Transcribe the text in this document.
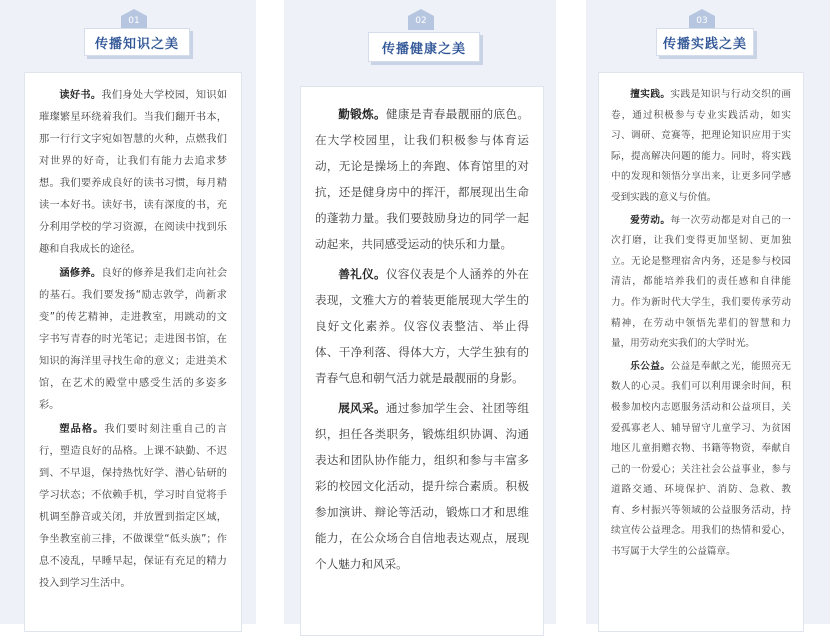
01
传播知识之美

读好书。我们身处大学校园，知识如璀璨繁星环绕着我们。当我们翻开书本，那一行行文字宛如智慧的火种，点燃我们对世界的好奇，让我们有能力去追求梦想。我们要养成良好的读书习惯，每月精读一本好书。读好书，读有深度的书，充分利用学校的学习资源，在阅读中找到乐趣和自我成长的途径。

涵修养。良好的修养是我们走向社会的基石。我们要发扬“励志敦学，尚新求变”的传艺精神，走进教室，用跳动的文字书写青春的时光笔记；走进图书馆，在知识的海洋里寻找生命的意义；走进美术馆，在艺术的殿堂中感受生活的多姿多彩。

塑品格。我们要时刻注重自己的言行，塑造良好的品格。上课不缺勤、不迟到、不早退，保持热忱好学、潜心钻研的学习状态；不依赖手机，学习时自觉将手机调至静音或关闭，并放置到指定区域，争坐教室前三排，不做课堂“低头族”；作息不凌乱，早睡早起，保证有充足的精力投入到学习生活中。

02
传播健康之美

勤锻炼。健康是青春最靓丽的底色。在大学校园里，让我们积极参与体育运动，无论是操场上的奔跑、体育馆里的对抗，还是健身房中的挥汗，都展现出生命的蓬勃力量。我们要鼓励身边的同学一起动起来，共同感受运动的快乐和力量。

善礼仪。仪容仪表是个人涵养的外在表现，文雅大方的着装更能展现大学生的良好文化素养。仪容仪表整洁、举止得体、干净利落、得体大方，大学生独有的青春气息和朝气活力就是最靓丽的身影。

展风采。通过参加学生会、社团等组织，担任各类职务，锻炼组织协调、沟通表达和团队协作能力，组织和参与丰富多彩的校园文化活动，提升综合素质。积极参加演讲、辩论等活动，锻炼口才和思维能力，在公众场合自信地表达观点，展现个人魅力和风采。

03
传播实践之美

擅实践。实践是知识与行动交织的画卷，通过积极参与专业实践活动，如实习、调研、竞赛等，把理论知识应用于实际，提高解决问题的能力。同时，将实践中的发现和领悟分享出来，让更多同学感受到实践的意义与价值。

爱劳动。每一次劳动都是对自己的一次打磨，让我们变得更加坚韧、更加独立。无论是整理宿舍内务，还是参与校园清洁，都能培养我们的责任感和自律能力。作为新时代大学生，我们要传承劳动精神，在劳动中领悟先辈们的智慧和力量，用劳动充实我们的大学时光。

乐公益。公益是奉献之光，能照亮无数人的心灵。我们可以利用课余时间，积极参加校内志愿服务活动和公益项目，关爱孤寡老人、辅导留守儿童学习、为贫困地区儿童捐赠衣物、书籍等物资，奉献自己的一份爱心；关注社会公益事业，参与道路交通、环境保护、消防、急救、教育、乡村振兴等领域的公益服务活动，持续宣传公益理念。用我们的热情和爱心，书写属于大学生的公益篇章。
